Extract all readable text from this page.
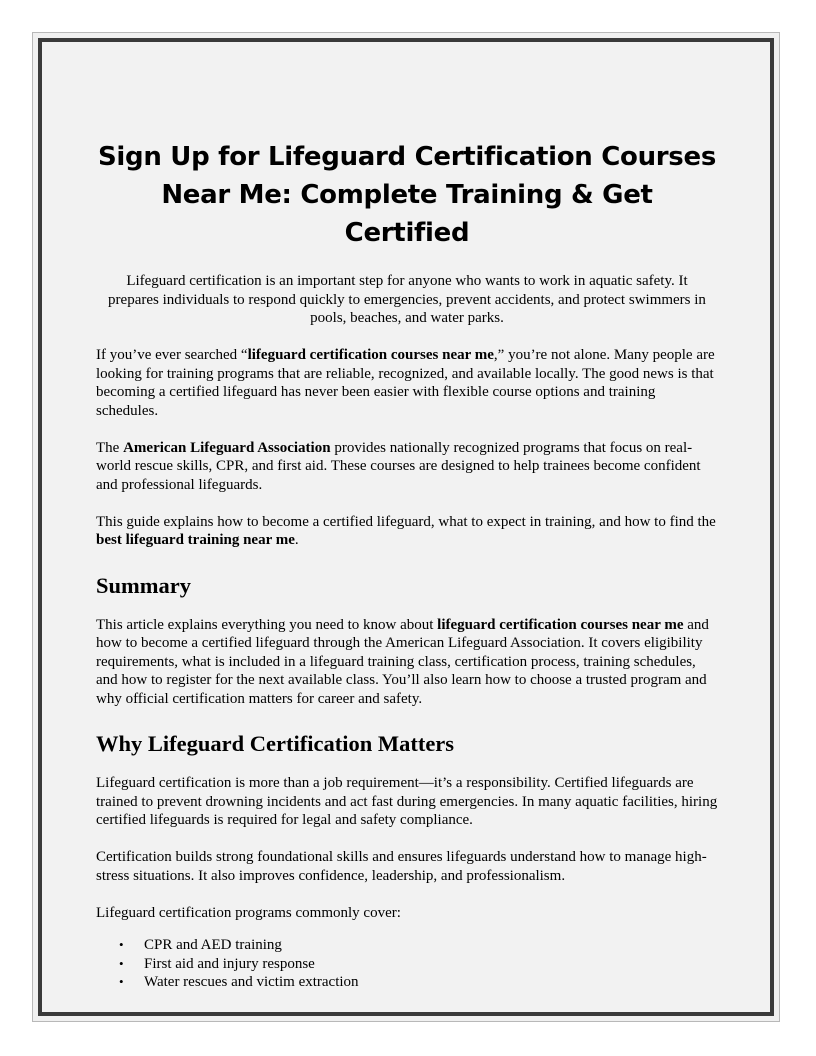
Sign Up for Lifeguard Certification Courses
Near Me: Complete Training & Get Certified

Lifeguard certification is an important step for anyone who wants to work in aquatic safety. It prepares individuals to respond quickly to emergencies, prevent accidents, and protect swimmers in pools, beaches, and water parks.

If you’ve ever searched “lifeguard certification courses near me,” you’re not alone. Many people are looking for training programs that are reliable, recognized, and available locally. The good news is that becoming a certified lifeguard has never been easier with flexible course options and training schedules.

The American Lifeguard Association provides nationally recognized programs that focus on real-world rescue skills, CPR, and first aid. These courses are designed to help trainees become confident and professional lifeguards.

This guide explains how to become a certified lifeguard, what to expect in training, and how to find the best lifeguard training near me.

Summary

This article explains everything you need to know about lifeguard certification courses near me and how to become a certified lifeguard through the American Lifeguard Association. It covers eligibility requirements, what is included in a lifeguard training class, certification process, training schedules, and how to register for the next available class. You’ll also learn how to choose a trusted program and why official certification matters for career and safety.

Why Lifeguard Certification Matters

Lifeguard certification is more than a job requirement—it’s a responsibility. Certified lifeguards are trained to prevent drowning incidents and act fast during emergencies. In many aquatic facilities, hiring certified lifeguards is required for legal and safety compliance.

Certification builds strong foundational skills and ensures lifeguards understand how to manage high-stress situations. It also improves confidence, leadership, and professionalism.

Lifeguard certification programs commonly cover:

• CPR and AED training
• First aid and injury response
• Water rescues and victim extraction
